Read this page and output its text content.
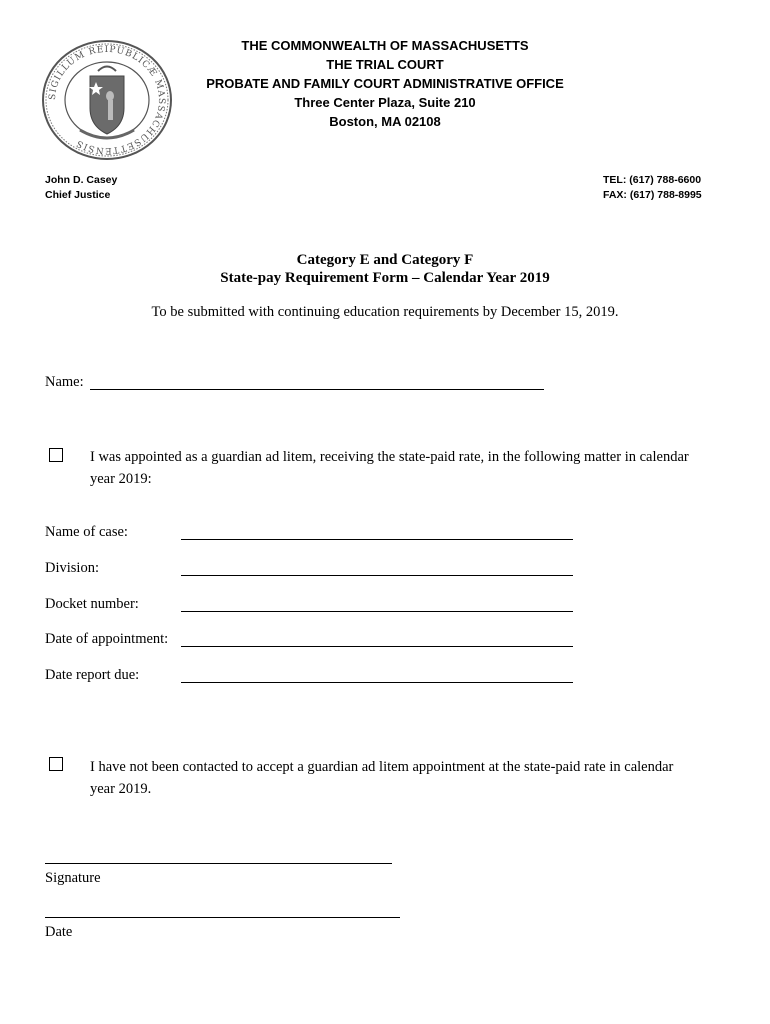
SIGILLUM REIPUBLICÆ MASSACHUSETTENSIS
THE COMMONWEALTH OF MASSACHUSETTS
THE TRIAL COURT
PROBATE AND FAMILY COURT ADMINISTRATIVE OFFICE
Three Center Plaza, Suite 210
Boston, MA 02108
John D. Casey
Chief Justice
TEL: (617) 788-6600
FAX: (617) 788-8995
Category E and Category F
State-pay Requirement Form – Calendar Year 2019
To be submitted with continuing education requirements by December 15, 2019.
Name:
I was appointed as a guardian ad litem, receiving the state-paid rate, in the following matter in calendar
year 2019:
Name of case:
Division:
Docket number:
Date of appointment:
Date report due:
I have not been contacted to accept a guardian ad litem appointment at the state-paid rate in calendar
year 2019.
Signature
Date
